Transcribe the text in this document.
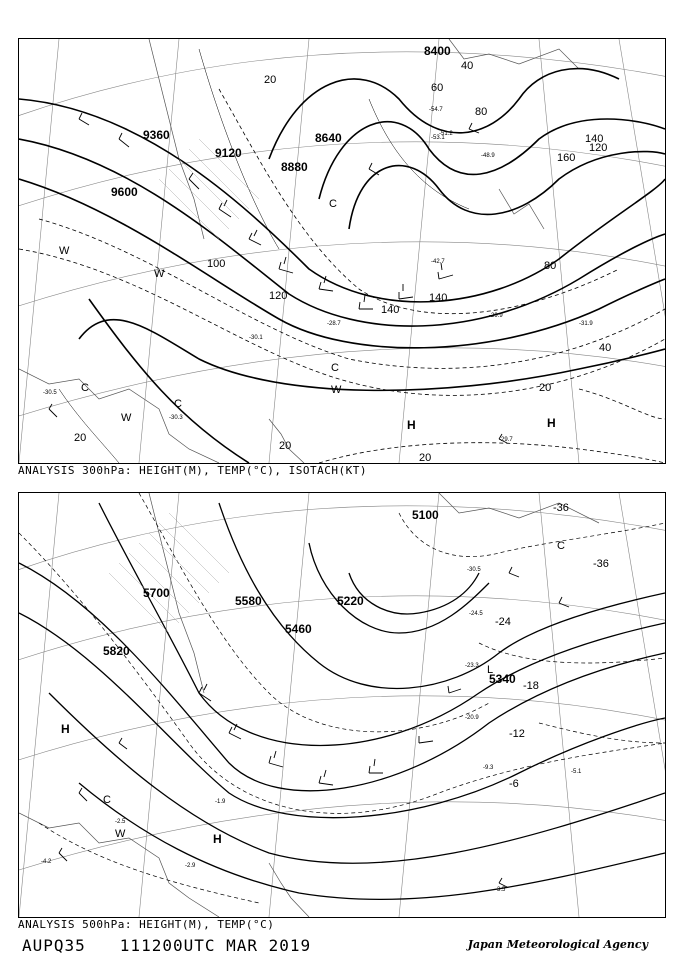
8400
9360
9120
8640
8880
9600
20
40
60
80
100
120	140
160
140
120
80
40
20
20
20
20
140
-30.5
-29.7
-31.9
-30.3
-51.2
-53.1
-54.7
-48.9
-42.7
-28.7
-30.1
-29.9
H	H
C
C
W
W
W
C
W
C
ANALYSIS 300hPa: HEIGHT(M), TEMP(°C), ISOTACH(KT)
5100
5700
5820
5580
5460
5220
5340
-36
-36
-24
-18
-12
-6
-30.5
-24.5
-23.3
-20.9
-9.3
-5.1
-3.5
-2.9
-1.9
-2.5
-4.2
H
H
C
W
C
L
ANALYSIS 500hPa: HEIGHT(M), TEMP(°C)
AUPQ35 111200UTC MAR 2019	Japan Meteorological Agency
